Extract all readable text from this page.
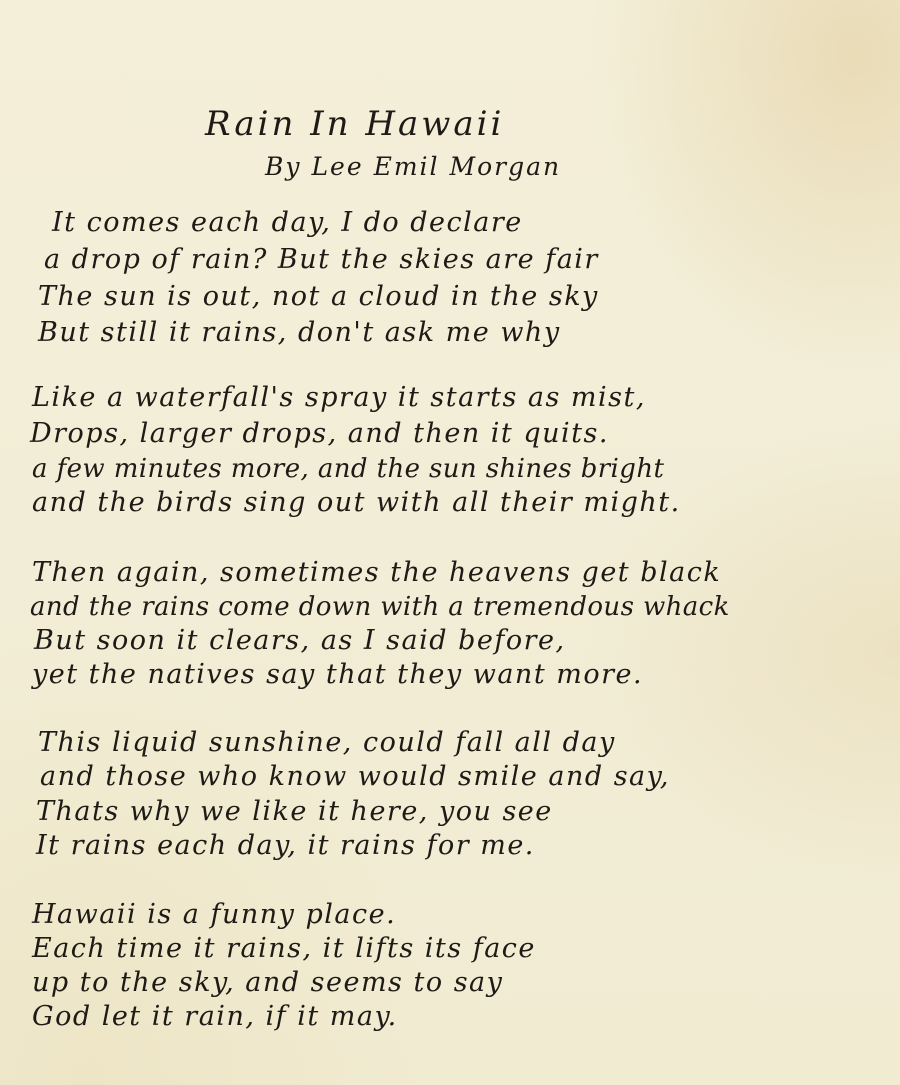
Rain In Hawaii
By Lee Emil Morgan
It comes each day, I do declare
a drop of rain? But the skies are fair
The sun is out, not a cloud in the sky
But still it rains, don't ask me why
Like a waterfall's spray it starts as mist,
Drops, larger drops, and then it quits.
a few minutes more, and the sun shines bright
and the birds sing out with all their might.
Then again, sometimes the heavens get black
and the rains come down with a tremendous whack
But soon it clears, as I said before,
yet the natives say that they want more.
This liquid sunshine, could fall all day
and those who know would smile and say,
Thats why we like it here, you see
It rains each day, it rains for me.
Hawaii is a funny place.
Each time it rains, it lifts its face
up to the sky, and seems to say
God let it rain, if it may.
